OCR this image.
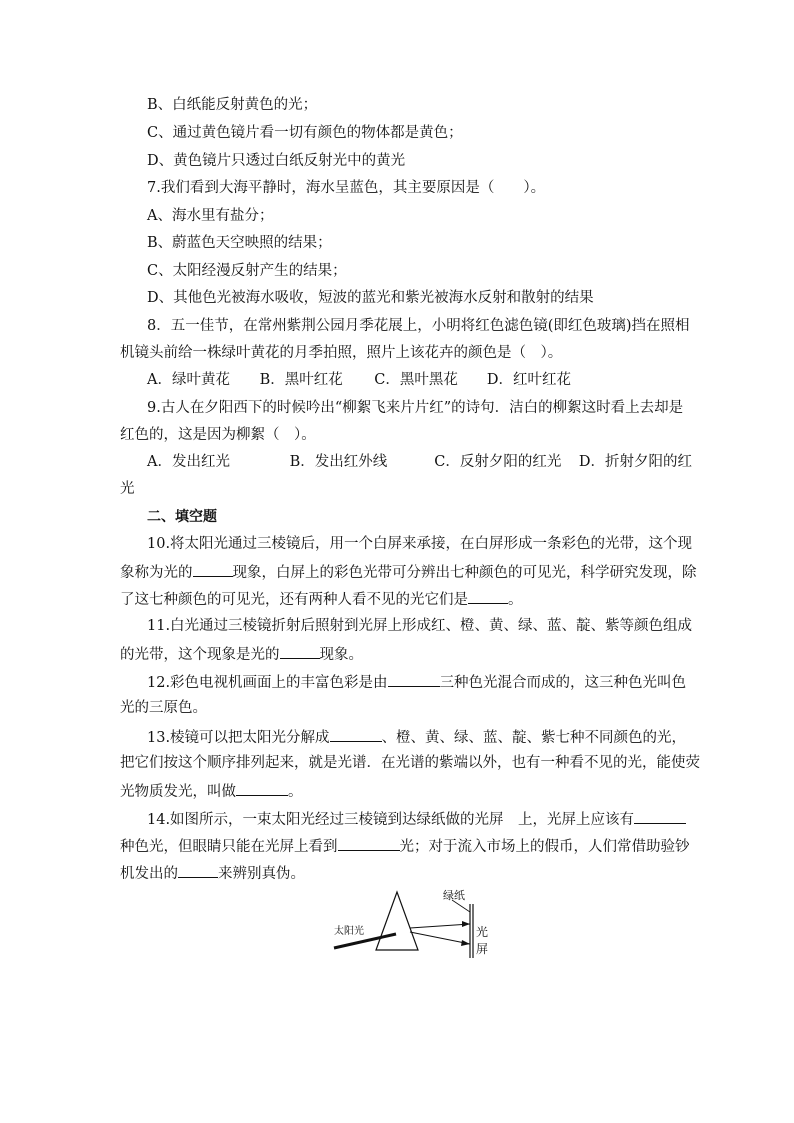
B、白纸能反射黄色的光；
C、通过黄色镜片看一切有颜色的物体都是黄色；
D、黄色镜片只透过白纸反射光中的黄光
7.我们看到大海平静时，海水呈蓝色，其主要原因是（　　）。
A、海水里有盐分；
B、蔚蓝色天空映照的结果；
C、太阳经漫反射产生的结果；
D、其他色光被海水吸收，短波的蓝光和紫光被海水反射和散射的结果
8．五一佳节，在常州紫荆公园月季花展上，小明将红色滤色镜(即红色玻璃)挡在照相
机镜头前给一株绿叶黄花的月季拍照，照片上该花卉的颜色是（　）。
A．绿叶黄花 B．黑叶红花 C．黑叶黑花 D．红叶红花
9.古人在夕阳西下的时候吟出“柳絮飞来片片红”的诗句．洁白的柳絮这时看上去却是
红色的，这是因为柳絮（　）。
A．发出红光	B．发出红外线	C．反射夕阳的红光 D．折射夕阳的红
光
二、填空题
10.将太阳光通过三棱镜后，用一个白屏来承接，在白屏形成一条彩色的光带，这个现
象称为光的	现象，白屏上的彩色光带可分辨出七种颜色的可见光，科学研究发现，除
了这七种颜色的可见光，还有两种人看不见的光它们是	。
11.白光通过三棱镜折射后照射到光屏上形成红、橙、黄、绿、蓝、靛、紫等颜色组成
的光带，这个现象是光的	现象。
12.彩色电视机画面上的丰富色彩是由	三种色光混合而成的，这三种色光叫色
光的三原色。
13.棱镜可以把太阳光分解成	、橙、黄、绿、蓝、靛、紫七种不同颜色的光，
把它们按这个顺序排列起来，就是光谱．在光谱的紫端以外，也有一种看不见的光，能使荧
光物质发光，叫做	。
14.如图所示，一束太阳光经过三棱镜到达绿纸做的光屏　上，光屏上应该有
种色光，但眼睛只能在光屏上看到	光；对于流入市场上的假币，人们常借助验钞
机发出的	来辨别真伪。
太阳光
绿纸
光
屏
